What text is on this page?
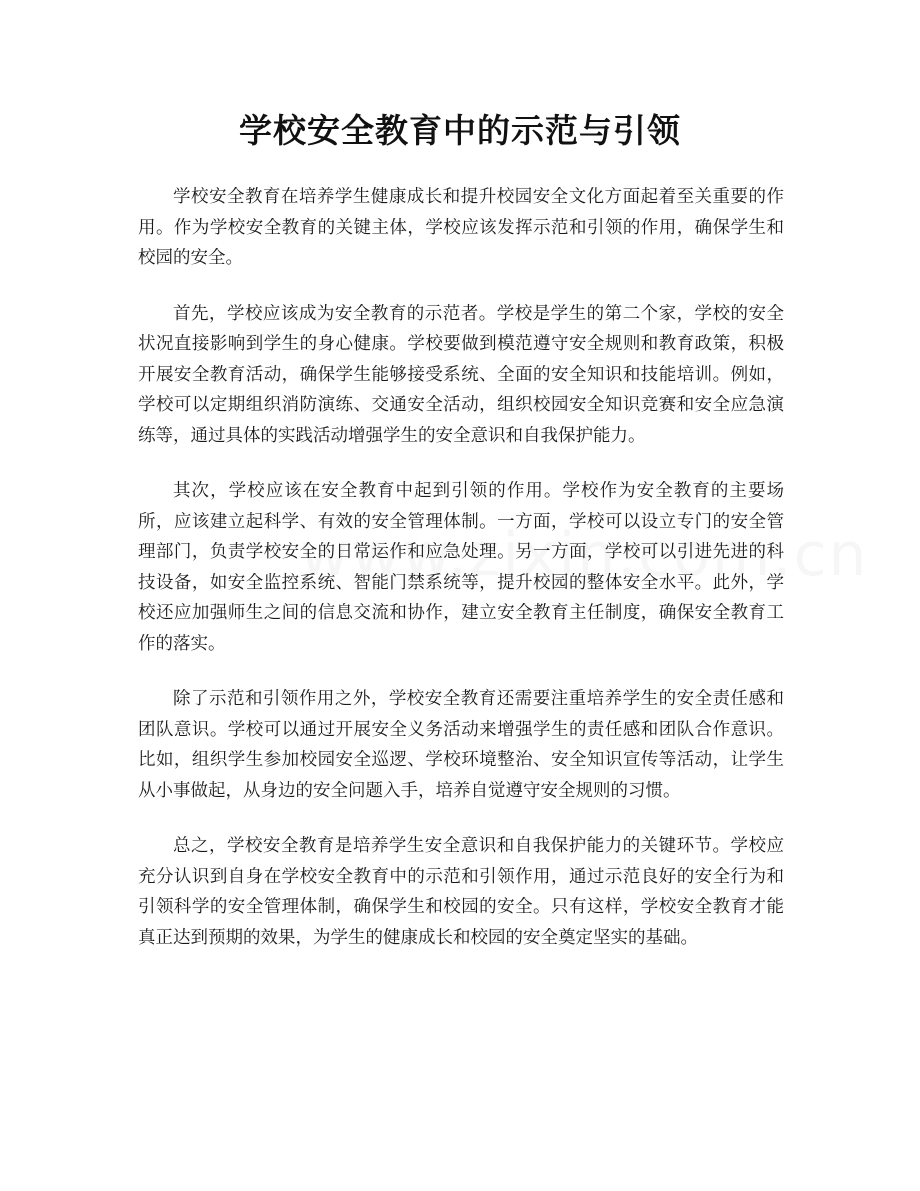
学校安全教育中的示范与引领

学校安全教育在培养学生健康成长和提升校园安全文化方面起着至关重要的作用。作为学校安全教育的关键主体，学校应该发挥示范和引领的作用，确保学生和校园的安全。

首先，学校应该成为安全教育的示范者。学校是学生的第二个家，学校的安全状况直接影响到学生的身心健康。学校要做到模范遵守安全规则和教育政策，积极开展安全教育活动，确保学生能够接受系统、全面的安全知识和技能培训。例如，学校可以定期组织消防演练、交通安全活动，组织校园安全知识竞赛和安全应急演练等，通过具体的实践活动增强学生的安全意识和自我保护能力。

其次，学校应该在安全教育中起到引领的作用。学校作为安全教育的主要场所，应该建立起科学、有效的安全管理体制。一方面，学校可以设立专门的安全管理部门，负责学校安全的日常运作和应急处理。另一方面，学校可以引进先进的科技设备，如安全监控系统、智能门禁系统等，提升校园的整体安全水平。此外，学校还应加强师生之间的信息交流和协作，建立安全教育主任制度，确保安全教育工作的落实。

除了示范和引领作用之外，学校安全教育还需要注重培养学生的安全责任感和团队意识。学校可以通过开展安全义务活动来增强学生的责任感和团队合作意识。比如，组织学生参加校园安全巡逻、学校环境整治、安全知识宣传等活动，让学生从小事做起，从身边的安全问题入手，培养自觉遵守安全规则的习惯。

总之，学校安全教育是培养学生安全意识和自我保护能力的关键环节。学校应充分认识到自身在学校安全教育中的示范和引领作用，通过示范良好的安全行为和引领科学的安全管理体制，确保学生和校园的安全。只有这样，学校安全教育才能真正达到预期的效果，为学生的健康成长和校园的安全奠定坚实的基础。
